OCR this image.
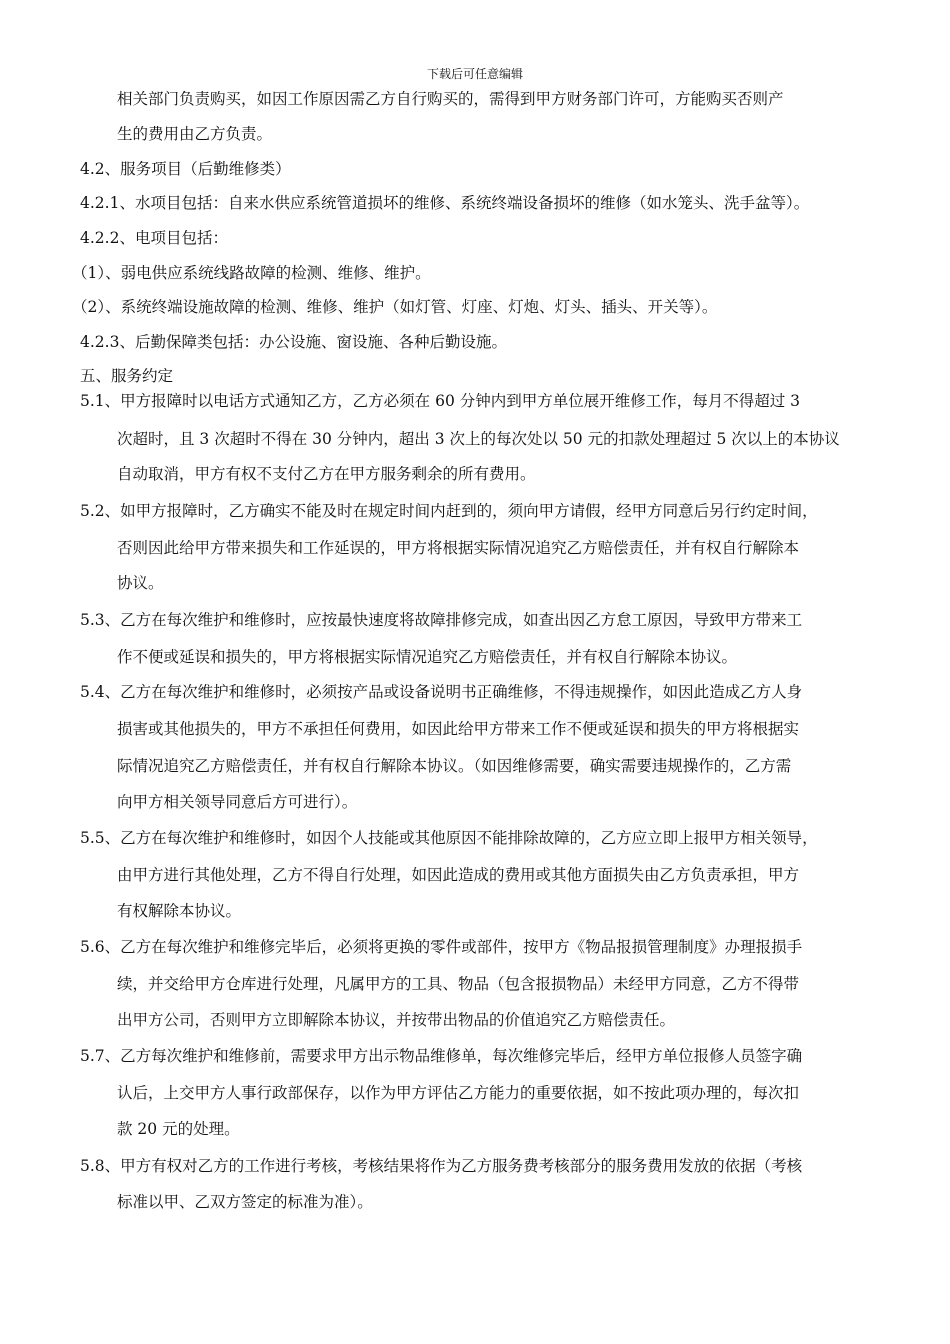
下载后可任意编辑
相关部门负责购买，如因工作原因需乙方自行购买的，需得到甲方财务部门许可，方能购买否则产
生的费用由乙方负责。
4.2、服务项目（后勤维修类）
4.2.1、水项目包括：自来水供应系统管道损坏的维修、系统终端设备损坏的维修（如水笼头、洗手盆等）。
4.2.2、电项目包括：
（1）、弱电供应系统线路故障的检测、维修、维护。
（2）、系统终端设施故障的检测、维修、维护（如灯管、灯座、灯炮、灯头、插头、开关等）。
4.2.3、后勤保障类包括：办公设施、窗设施、各种后勤设施。
五、服务约定
5.1、甲方报障时以电话方式通知乙方，乙方必须在 60 分钟内到甲方单位展开维修工作，每月不得超过 3
次超时，且 3 次超时不得在 30 分钟内，超出 3 次上的每次处以 50 元的扣款处理超过 5 次以上的本协议
自动取消，甲方有权不支付乙方在甲方服务剩余的所有费用。
5.2、如甲方报障时，乙方确实不能及时在规定时间内赶到的，须向甲方请假，经甲方同意后另行约定时间，
否则因此给甲方带来损失和工作延误的，甲方将根据实际情况追究乙方赔偿责任，并有权自行解除本
协议。
5.3、乙方在每次维护和维修时，应按最快速度将故障排修完成，如查出因乙方怠工原因，导致甲方带来工
作不便或延误和损失的，甲方将根据实际情况追究乙方赔偿责任，并有权自行解除本协议。
5.4、乙方在每次维护和维修时，必须按产品或设备说明书正确维修，不得违规操作，如因此造成乙方人身
损害或其他损失的，甲方不承担任何费用，如因此给甲方带来工作不便或延误和损失的甲方将根据实
际情况追究乙方赔偿责任，并有权自行解除本协议。（如因维修需要，确实需要违规操作的，乙方需
向甲方相关领导同意后方可进行）。
5.5、乙方在每次维护和维修时，如因个人技能或其他原因不能排除故障的，乙方应立即上报甲方相关领导，
由甲方进行其他处理，乙方不得自行处理，如因此造成的费用或其他方面损失由乙方负责承担，甲方
有权解除本协议。
5.6、乙方在每次维护和维修完毕后，必须将更换的零件或部件，按甲方《物品报损管理制度》办理报损手
续，并交给甲方仓库进行处理，凡属甲方的工具、物品（包含报损物品）未经甲方同意，乙方不得带
出甲方公司，否则甲方立即解除本协议，并按带出物品的价值追究乙方赔偿责任。
5.7、乙方每次维护和维修前，需要求甲方出示物品维修单，每次维修完毕后，经甲方单位报修人员签字确
认后，上交甲方人事行政部保存，以作为甲方评估乙方能力的重要依据，如不按此项办理的，每次扣
款 20 元的处理。
5.8、甲方有权对乙方的工作进行考核，考核结果将作为乙方服务费考核部分的服务费用发放的依据（考核
标准以甲、乙双方签定的标准为准）。
